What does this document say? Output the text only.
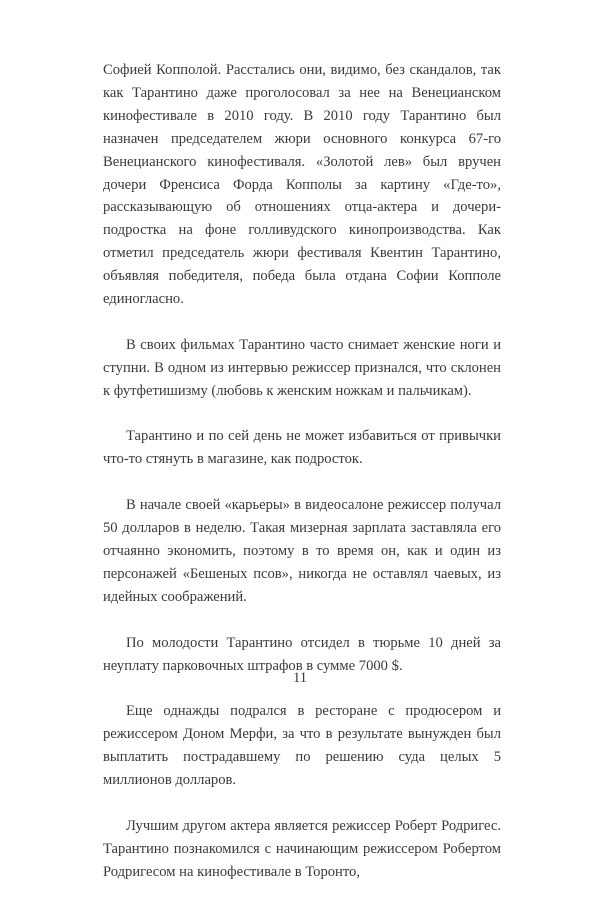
Софией Копполой. Расстались они, видимо, без скандалов, так как Тарантино даже проголосовал за нее на Венецианском кинофестивале в 2010 году. В 2010 году Тарантино был назначен председателем жюри основного конкурса 67-го Венецианского кинофестиваля. «Золотой лев» был вручен дочери Френсиса Форда Копполы за картину «Где-то», рассказывающую об отношениях отца-актера и дочери-подростка на фоне голливудского кинопроизводства. Как отметил председатель жюри фестиваля Квентин Тарантино, объявляя победителя, победа была отдана Софии Копполе единогласно.

В своих фильмах Тарантино часто снимает женские ноги и ступни. В одном из интервью режиссер признался, что склонен к футфетишизму (любовь к женским ножкам и пальчикам).

Тарантино и по сей день не может избавиться от привычки что-то стянуть в магазине, как подросток.

В начале своей «карьеры» в видеосалоне режиссер получал 50 долларов в неделю. Такая мизерная зарплата заставляла его отчаянно экономить, поэтому в то время он, как и один из персонажей «Бешеных псов», никогда не оставлял чаевых, из идейных соображений.

По молодости Тарантино отсидел в тюрьме 10 дней за неуплату парковочных штрафов в сумме 7000 $.

Еще однажды подрался в ресторане с продюсером и режиссером Доном Мерфи, за что в результате вынужден был выплатить пострадавшему по решению суда целых 5 миллионов долларов.

Лучшим другом актера является режиссер Роберт Родригес. Тарантино познакомился с начинающим режиссером Робертом Родригесом на кинофестивале в Торонто,

11
